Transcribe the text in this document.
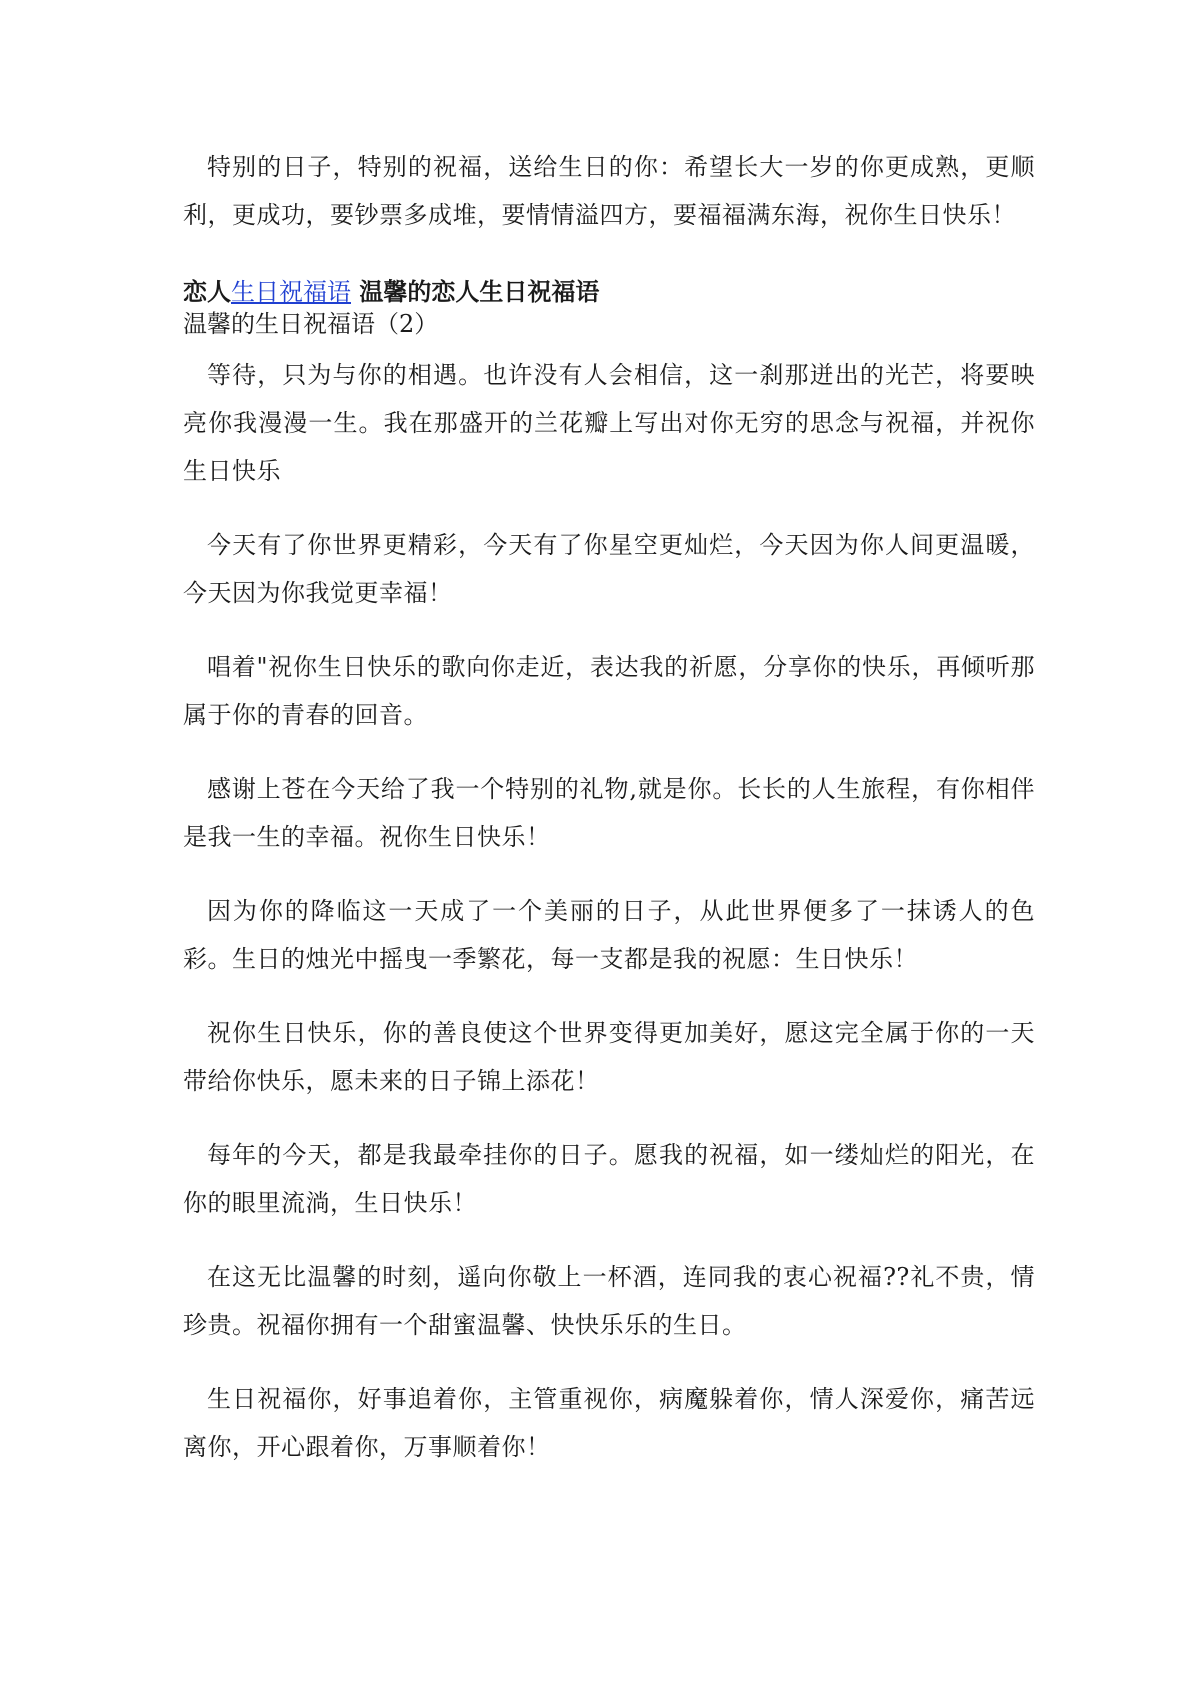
特别的日子，特别的祝福，送给生日的你：希望长大一岁的你更成熟，更顺利，更成功，要钞票多成堆，要情情溢四方，要福福满东海，祝你生日快乐！

恋人生日祝福语 温馨的恋人生日祝福语
温馨的生日祝福语（2）

等待，只为与你的相遇。也许没有人会相信，这一刹那迸出的光芒，将要映亮你我漫漫一生。我在那盛开的兰花瓣上写出对你无穷的思念与祝福，并祝你生日快乐

今天有了你世界更精彩，今天有了你星空更灿烂，今天因为你人间更温暖，今天因为你我觉更幸福！

唱着"祝你生日快乐的歌向你走近，表达我的祈愿，分享你的快乐，再倾听那属于你的青春的回音。

感谢上苍在今天给了我一个特别的礼物,就是你。长长的人生旅程，有你相伴是我一生的幸福。祝你生日快乐！

因为你的降临这一天成了一个美丽的日子，从此世界便多了一抹诱人的色彩。生日的烛光中摇曳一季繁花，每一支都是我的祝愿：生日快乐！

祝你生日快乐，你的善良使这个世界变得更加美好，愿这完全属于你的一天带给你快乐，愿未来的日子锦上添花！

每年的今天，都是我最牵挂你的日子。愿我的祝福，如一缕灿烂的阳光，在你的眼里流淌，生日快乐！

在这无比温馨的时刻，遥向你敬上一杯酒，连同我的衷心祝福??礼不贵，情珍贵。祝福你拥有一个甜蜜温馨、快快乐乐的生日。

生日祝福你，好事追着你，主管重视你，病魔躲着你，情人深爱你，痛苦远离你，开心跟着你，万事顺着你！
